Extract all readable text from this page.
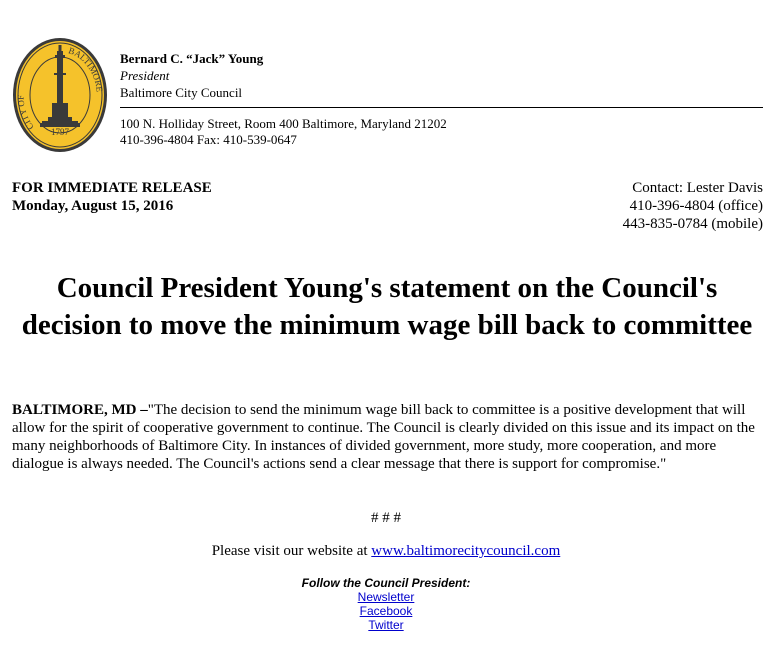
CITY OF
BALTIMORE
1797
Bernard C. “Jack” Young
President
Baltimore City Council
100 N. Holliday Street, Room 400 Baltimore, Maryland 21202
410-396-4804 Fax: 410-539-0647
FOR IMMEDIATE RELEASE
Monday, August 15, 2016
Contact: Lester Davis
410-396-4804 (office)
443-835-0784 (mobile)
Council President Young's statement on the Council's decision to move the minimum wage bill back to committee

BALTIMORE, MD –"The decision to send the minimum wage bill back to committee is a positive development that will allow for the spirit of cooperative government to continue. The Council is clearly divided on this issue and its impact on the many neighborhoods of Baltimore City. In instances of divided government, more study, more cooperation, and more dialogue is always needed. The Council's actions send a clear message that there is support for compromise."

# # #
Please visit our website at www.baltimorecitycouncil.com
Follow the Council President:
Newsletter
Facebook
Twitter
